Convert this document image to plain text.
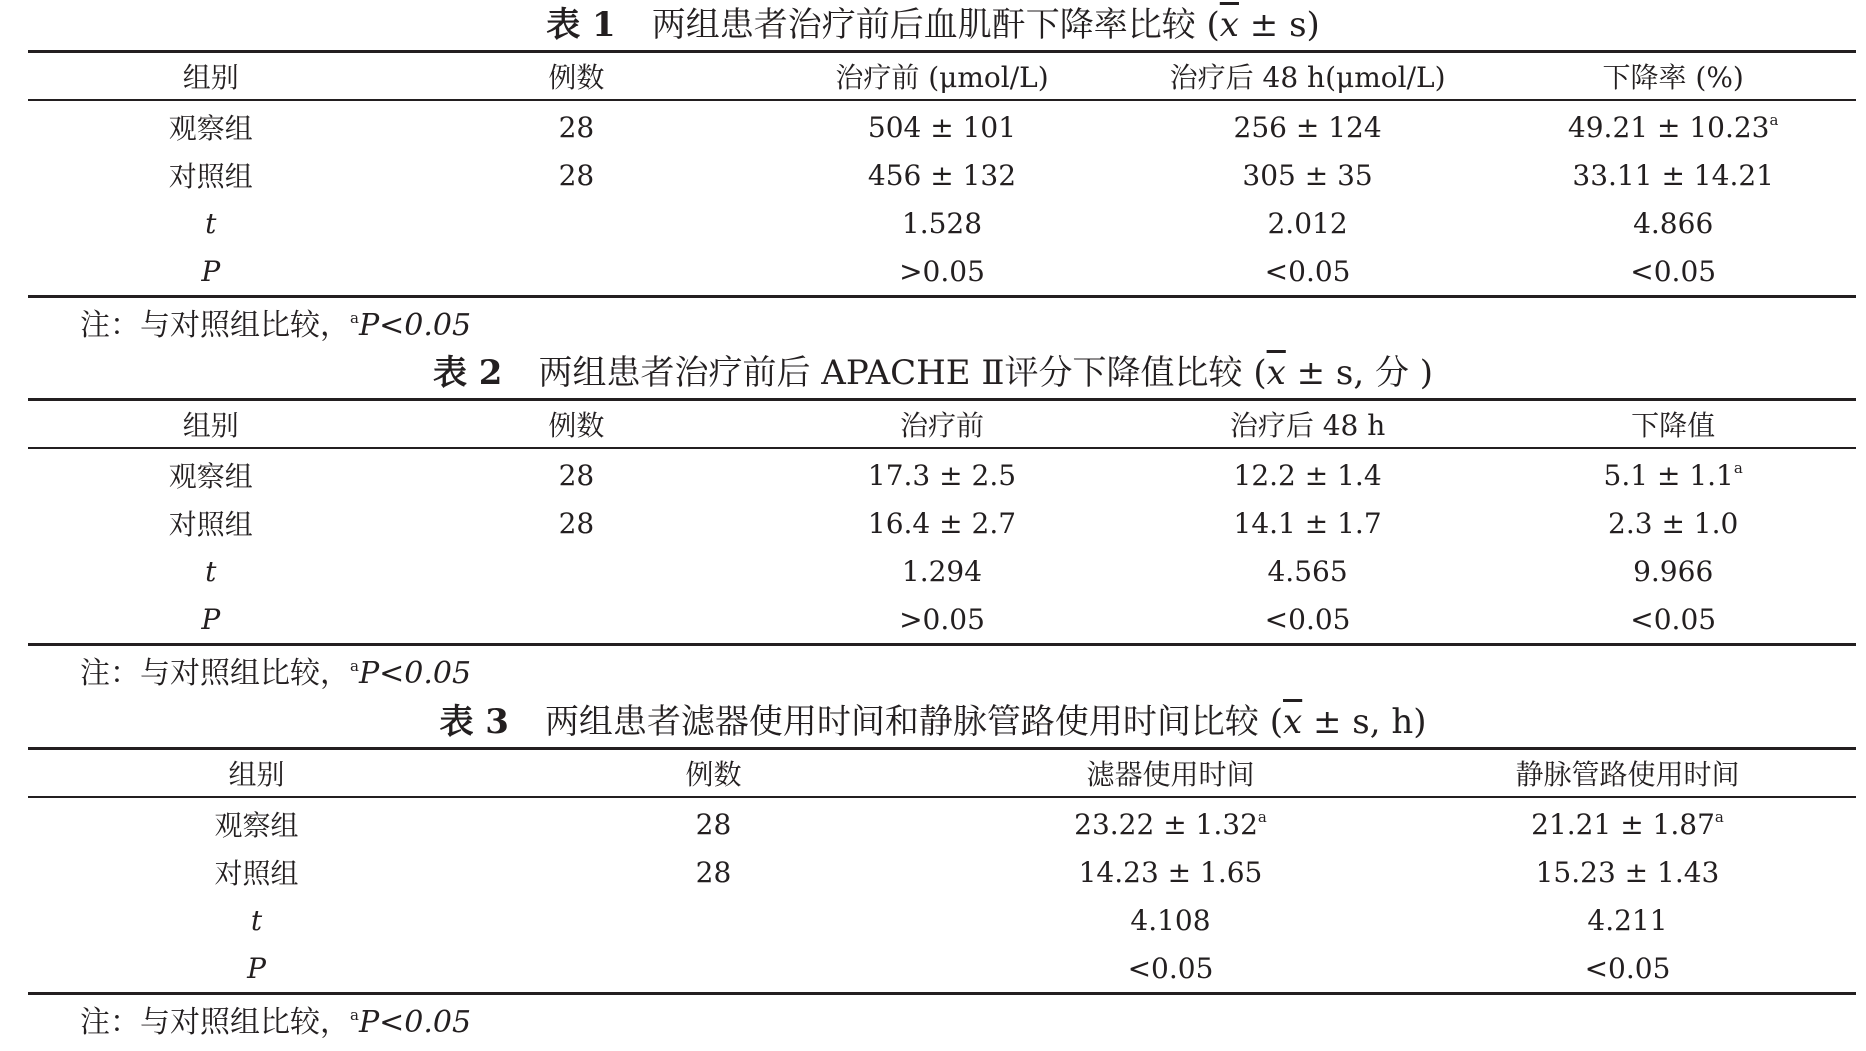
表 1 两组患者治疗前后血肌酐下降率比较 $(\overline{x} \pm s)$
组别	例数	治疗前 (μmol/L)	治疗后 48 h(μmol/L)	下降率 (%)
观察组	28	504 ± 101	256 ± 124	49.21 ± 10.23$^a$
对照组	28	456 ± 132	305 ± 35	33.11 ± 14.21
t		1.528	2.012	4.866
P		>0.05	<0.05	<0.05
注：与对照组比较，$^a$P<0.05
表 2 两组患者治疗前后 APACHE Ⅱ评分下降值比较 ($\overline{x} \pm s$, 分 )
组别	例数	治疗前	治疗后 48 h	下降值
观察组	28	17.3 ± 2.5	12.2 ± 1.4	5.1 ± 1.1$^a$
对照组	28	16.4 ± 2.7	14.1 ± 1.7	2.3 ± 1.0
t		1.294	4.565	9.966
P		>0.05	<0.05	<0.05
注：与对照组比较，$^a$P<0.05
表 3 两组患者滤器使用时间和静脉管路使用时间比较 ($\overline{x} \pm s$, h)
组别	例数	滤器使用时间	静脉管路使用时间
观察组	28	23.22 ± 1.32$^a$	21.21 ± 1.87$^a$
对照组	28	14.23 ± 1.65	15.23 ± 1.43
t		4.108	4.211
P		<0.05	<0.05
注：与对照组比较，$^a$P<0.05
